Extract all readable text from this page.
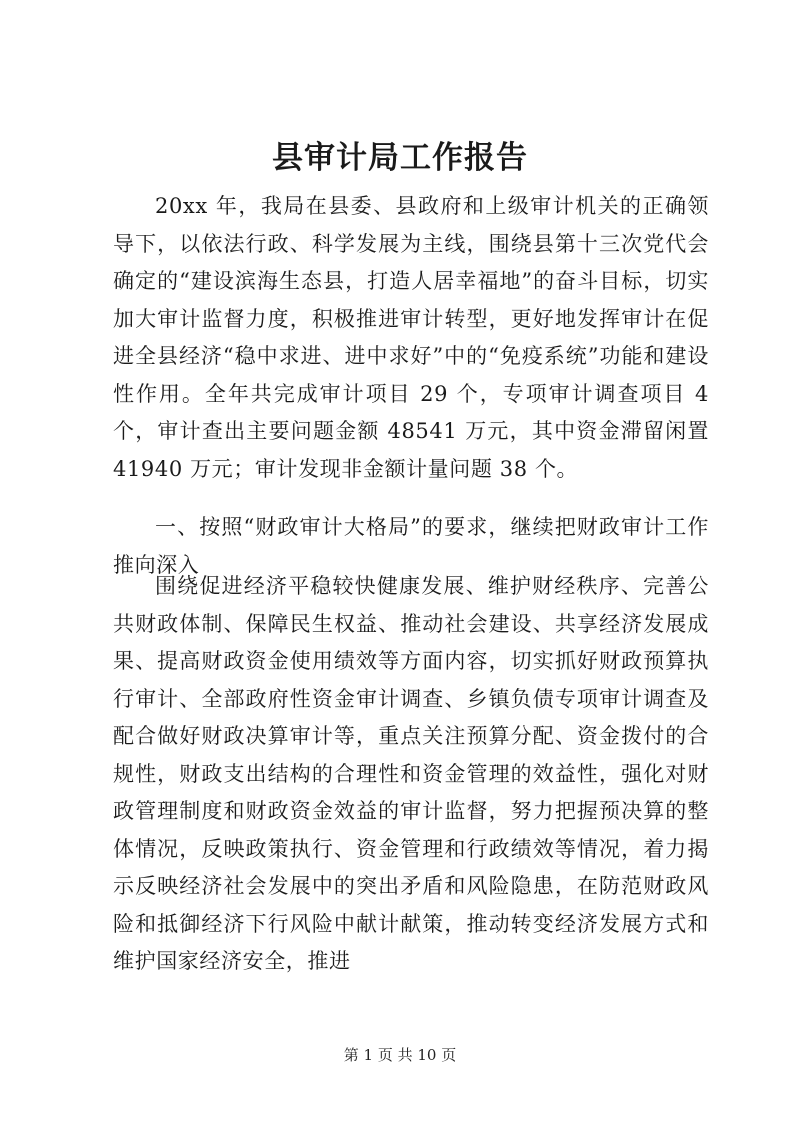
县审计局工作报告

20xx 年，我局在县委、县政府和上级审计机关的正确领导下，以依法行政、科学发展为主线，围绕县第十三次党代会确定的“建设滨海生态县，打造人居幸福地”的奋斗目标，切实加大审计监督力度，积极推进审计转型，更好地发挥审计在促进全县经济“稳中求进、进中求好”中的“免疫系统”功能和建设性作用。全年共完成审计项目 29 个，专项审计调查项目 4 个，审计查出主要问题金额 48541 万元，其中资金滞留闲置 41940 万元；审计发现非金额计量问题 38 个。

一、按照“财政审计大格局”的要求，继续把财政审计工作推向深入

围绕促进经济平稳较快健康发展、维护财经秩序、完善公共财政体制、保障民生权益、推动社会建设、共享经济发展成果、提高财政资金使用绩效等方面内容，切实抓好财政预算执行审计、全部政府性资金审计调查、乡镇负债专项审计调查及配合做好财政决算审计等，重点关注预算分配、资金拨付的合规性，财政支出结构的合理性和资金管理的效益性，强化对财政管理制度和财政资金效益的审计监督，努力把握预决算的整体情况，反映政策执行、资金管理和行政绩效等情况，着力揭示反映经济社会发展中的突出矛盾和风险隐患，在防范财政风险和抵御经济下行风险中献计献策，推动转变经济发展方式和维护国家经济安全，推进

第 1 页 共 10 页
